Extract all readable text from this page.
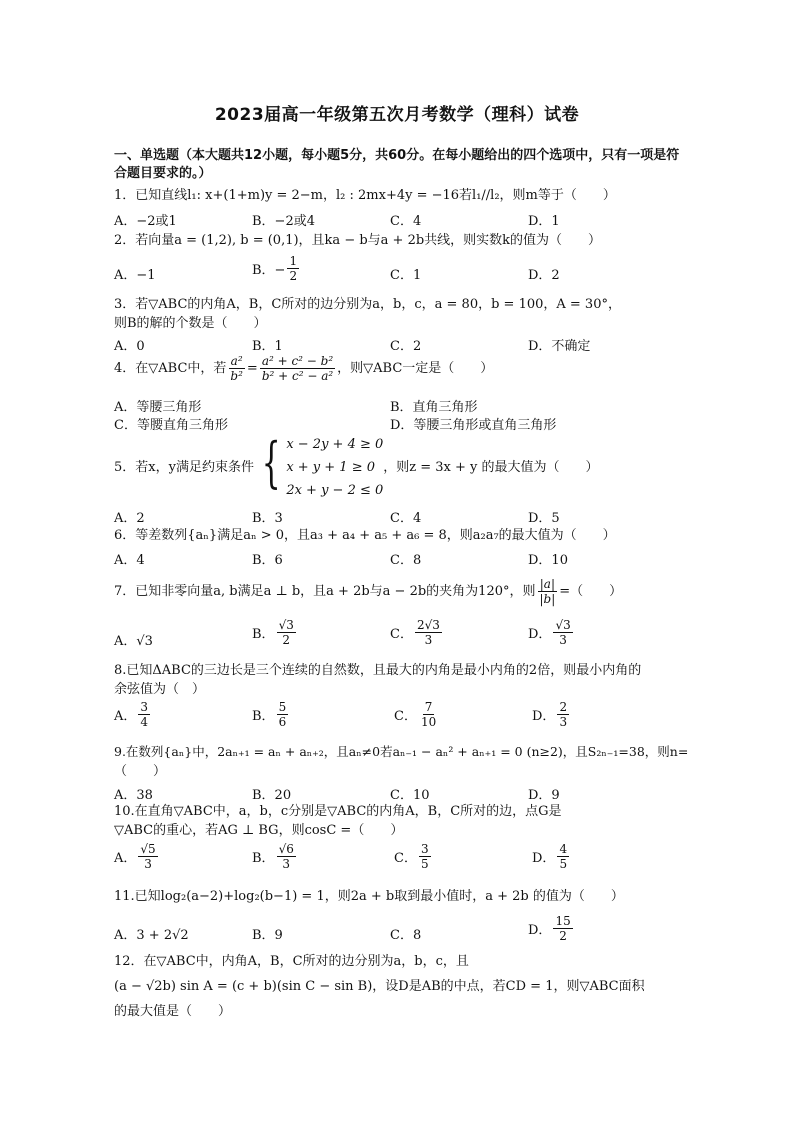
2023届高一年级第五次月考数学（理科）试卷
一、单选题（本大题共12小题，每小题5分，共60分。在每小题给出的四个选项中，只有一项是符合题目要求的。）
1．已知直线l₁: x+(1+m)y = 2−m，l₂ : 2mx+4y = −16若l₁//l₂，则m等于（　　）
A．−2或1	B．−2或4	C．4	D．1
2．若向量a = (1,2), b = (0,1)，且ka − b与a + 2b共线，则实数k的值为（　　）
A．−1	B．− $\frac{1}{2}$	C．1	D．2
3．若▽ABC的内角A，B，C所对的边分别为a，b，c，a = 80，b = 100，A = 30°，
则B的解的个数是（　　）
A．0	B．1	C．2	D．不确定
4．在▽ABC中，若 $\frac{\text{a²}}{\text{b²}} = \frac{\text{a² + c² − b²}}{\text{b² + c² − a²}}$ ，则▽ABC一定是（　　）
A．等腰三角形	B．直角三角形
C．等腰直角三角形	D．等腰三角形或直角三角形
5．若x，y满足约束条件 { x − 2y + 4 ≥ 0
x + y + 1 ≥ 0
2x + y − 2 ≤ 0
，则z = 3x + y 的最大值为（　　）
A．2	B．3	C．4	D．5
6．等差数列{aₙ}满足aₙ > 0，且a₃ + a₄ + a₅ + a₆ = 8，则a₂a₇的最大值为（　　）
A．4	B．6	C．8	D．10
7．已知非零向量a, b满足a ⊥ b，且a + 2b与a − 2b的夹角为120°，则 $\frac{|a|}{|b|}$ =（　　）
A．√3	B． $\frac{√3}{2}$	C． $\frac{2√3}{3}$	D． $\frac{√3}{3}$
8.已知ΔABC的三边长是三个连续的自然数，且最大的内角是最小内角的2倍，则最小内角的
余弦值为（　）
A． $\frac{3}{4}$	B． $\frac{5}{6}$	C． $\frac{7}{10}$	D． $\frac{2}{3}$
9.在数列{aₙ}中，2aₙ₊₁ = aₙ + aₙ₊₂，且aₙ≠0若aₙ₋₁ − aₙ² + aₙ₊₁ = 0 (n≥2)，且S₂ₙ₋₁=38，则n=
（　　）
A．38	B．20	C．10	D．9
10.在直角▽ABC中，a，b，c分别是▽ABC的内角A，B，C所对的边，点G是
▽ABC的重心，若AG ⊥ BG，则cosC =（　　）
A． $\frac{√5}{3}$	B． $\frac{√6}{3}$	C． $\frac{3}{5}$	D． $\frac{4}{5}$
11.已知log₂(a−2)+log₂(b−1) = 1，则2a + b取到最小值时，a + 2b 的值为（　　）
A．3 + 2√2	B．9	C．8	D． $\frac{15}{2}$
12．在▽ABC中，内角A，B，C所对的边分别为a，b，c，且
(a − √2b) sin A = (c + b)(sin C − sin B)，设D是AB的中点，若CD = 1，则▽ABC面积
的最大值是（　　）
